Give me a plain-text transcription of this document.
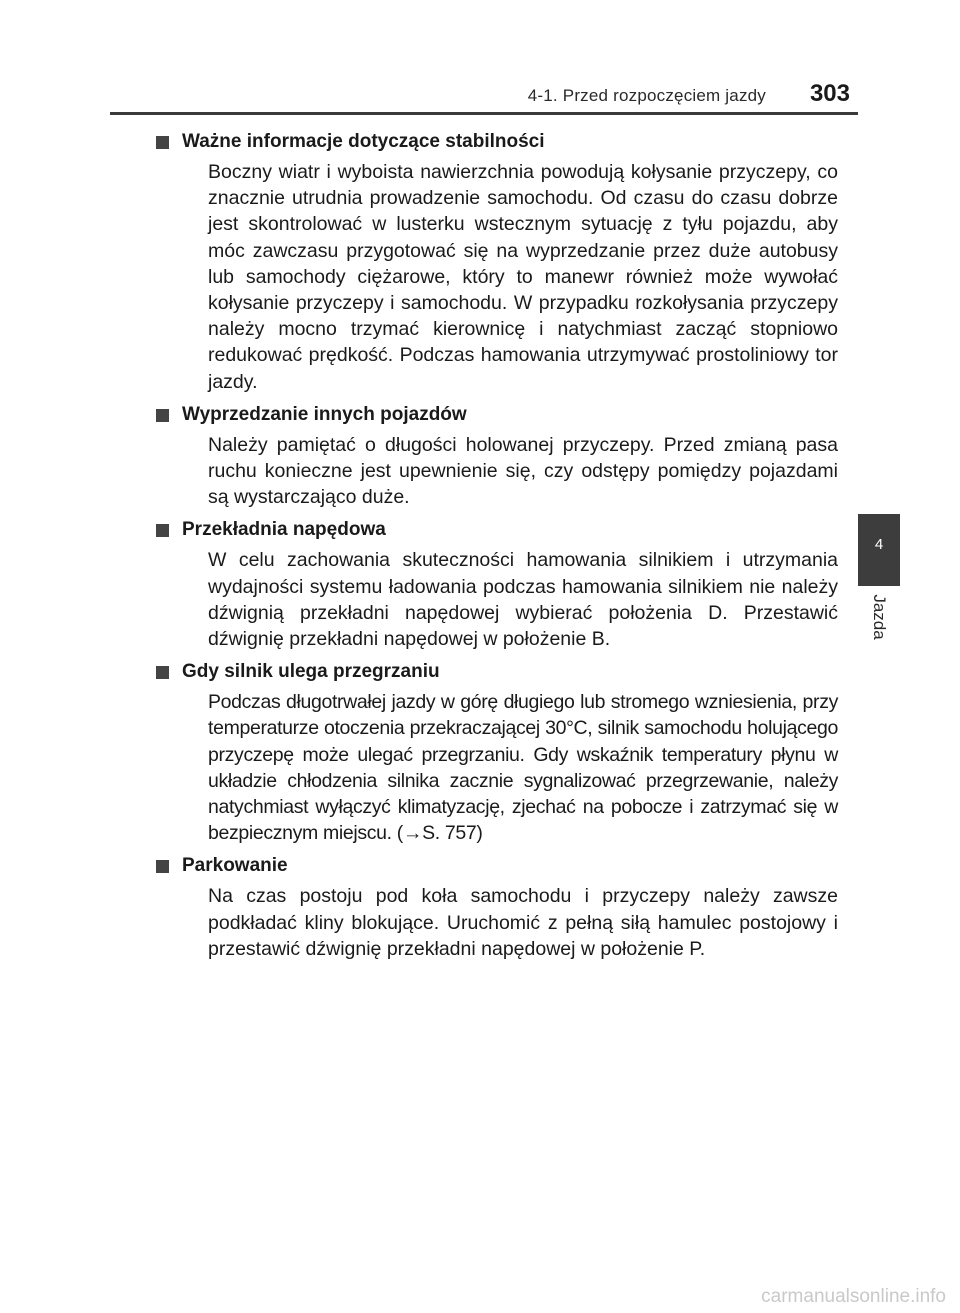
4-1. Przed rozpoczęciem jazdy 303
4
Jazda
Ważne informacje dotyczące stabilności
Boczny wiatr i wyboista nawierzchnia powodują kołysanie przyczepy, co znacznie utrudnia prowadzenie samochodu. Od czasu do czasu dobrze jest skontrolować w lusterku wstecznym sytuację z tyłu pojazdu, aby móc zawczasu przygotować się na wyprzedzanie przez duże autobusy lub samochody ciężarowe, który to manewr również może wywołać kołysanie przyczepy i samochodu. W przypadku rozkołysania przyczepy należy mocno trzymać kierownicę i natychmiast zacząć stopniowo redukować prędkość. Podczas hamowania utrzymywać prostoliniowy tor jazdy.
Wyprzedzanie innych pojazdów
Należy pamiętać o długości holowanej przyczepy. Przed zmianą pasa ruchu konieczne jest upewnienie się, czy odstępy pomiędzy pojazdami są wystarczająco duże.
Przekładnia napędowa
W celu zachowania skuteczności hamowania silnikiem i utrzymania wydajności systemu ładowania podczas hamowania silnikiem nie należy dźwignią przekładni napędowej wybierać położenia D. Przestawić dźwignię przekładni napędowej w położenie B.
Gdy silnik ulega przegrzaniu
Podczas długotrwałej jazdy w górę długiego lub stromego wzniesienia, przy temperaturze otoczenia przekraczającej 30°C, silnik samochodu holującego przyczepę może ulegać przegrzaniu. Gdy wskaźnik temperatury płynu w układzie chłodzenia silnika zacznie sygnalizować przegrzewanie, należy natychmiast wyłączyć klimatyzację, zjechać na pobocze i zatrzymać się w bezpiecznym miejscu. (→S. 757)
Parkowanie
Na czas postoju pod koła samochodu i przyczepy należy zawsze podkładać kliny blokujące. Uruchomić z pełną siłą hamulec postojowy i przestawić dźwignię przekładni napędowej w położenie P.
carmanualsonline.info
